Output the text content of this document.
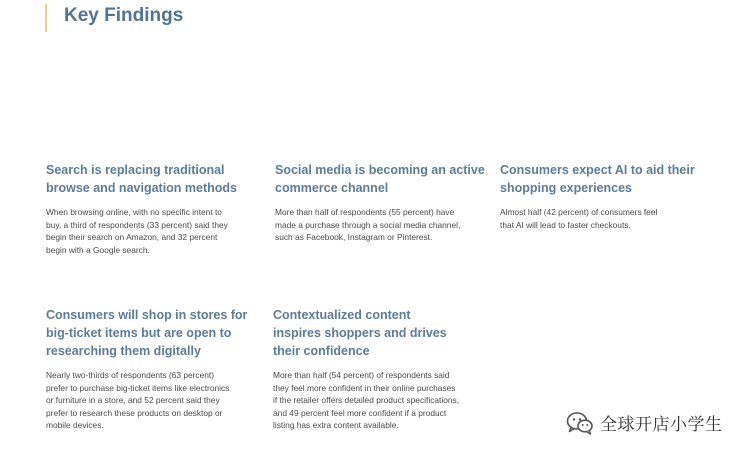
Key Findings

Search is replacing traditional
browse and navigation methods

When browsing online, with no specific intent to
buy, a third of respondents (33 percent) said they
begin their search on Amazon, and 32 percent
begin with a Google search.

Social media is becoming an active
commerce channel

More than half of respondents (55 percent) have
made a purchase through a social media channel,
such as Facebook, Instagram or Pinterest.

Consumers expect AI to aid their
shopping experiences

Almost half (42 percent) of consumers feel
that AI will lead to faster checkouts.

Consumers will shop in stores for
big-ticket items but are open to
researching them digitally

Nearly two-thirds of respondents (63 percent)
prefer to purchase big-ticket items like electronics
or furniture in a store, and 52 percent said they
prefer to research these products on desktop or
mobile devices.

Contextualized content
inspires shoppers and drives
their confidence

More than half (54 percent) of respondents said
they feel more confident in their online purchases
if the retailer offers detailed product specifications,
and 49 percent feel more confident if a product
listing has extra content available.	全球开店小学生
